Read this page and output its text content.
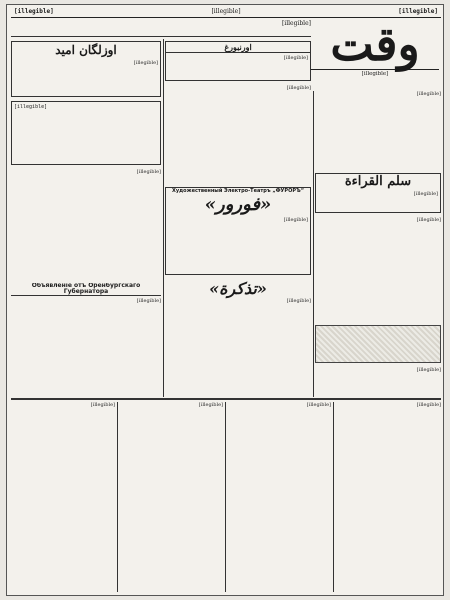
[illegible]	[illegible]	[illegible]
[illegible] وقت
[illegible]
اوزلگان اميد
[illegible]
اورنبورغ
[illegible]
[illegible]
[illegible]
[illegible]
Объявленіе отъ Оренбургскаго Губернатора
[illegible]
Художественный Электро-Театръ „ФУРОРЪ“
«فورور»
[illegible]
«تذكرة»
[illegible]
[illegible]
سلم القراءة
[illegible]
[illegible]
[illegible]
[illegible]	[illegible]	[illegible]	[illegible]
